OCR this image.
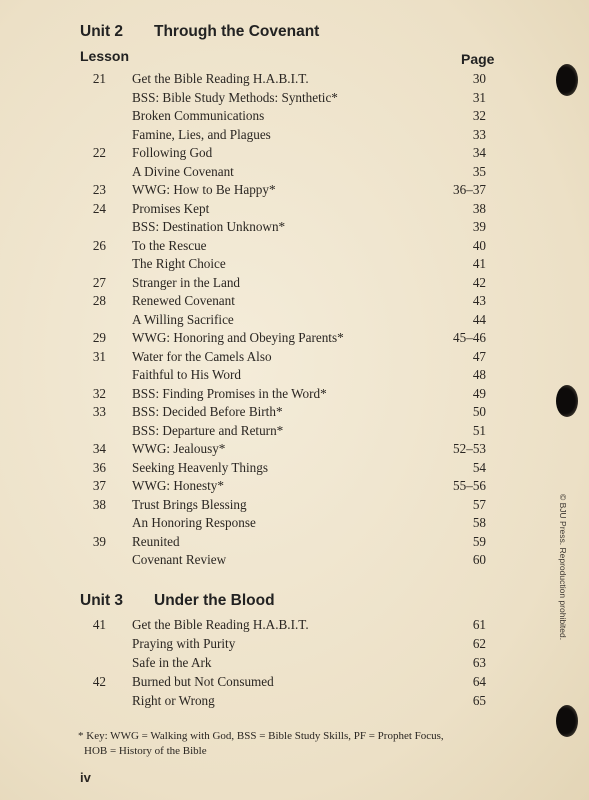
Unit 2 Through the Covenant
Lesson	Page
21 Get the Bible Reading H.A.B.I.T.	30
BSS: Bible Study Methods: Synthetic*	31
Broken Communications	32
Famine, Lies, and Plagues	33
22 Following God	34
A Divine Covenant	35
23 WWG: How to Be Happy*	36–37
24 Promises Kept	38
BSS: Destination Unknown*	39
26 To the Rescue	40
The Right Choice	41
27 Stranger in the Land	42
28 Renewed Covenant	43
A Willing Sacrifice	44
29 WWG: Honoring and Obeying Parents*	45–46
31 Water for the Camels Also	47
Faithful to His Word	48
32 BSS: Finding Promises in the Word*	49
33 BSS: Decided Before Birth*	50
BSS: Departure and Return*	51
34 WWG: Jealousy*	52–53
36 Seeking Heavenly Things	54
37 WWG: Honesty*	55–56
38 Trust Brings Blessing	57
An Honoring Response	58
39 Reunited	59
Covenant Review	60
Unit 3 Under the Blood
41 Get the Bible Reading H.A.B.I.T.	61
Praying with Purity	62
Safe in the Ark	63
42 Burned but Not Consumed	64
Right or Wrong	65
* Key: WWG = Walking with God, BSS = Bible Study Skills, PF = Prophet Focus,
HOB = History of the Bible
iv
© BJU Press. Reproduction prohibited.
